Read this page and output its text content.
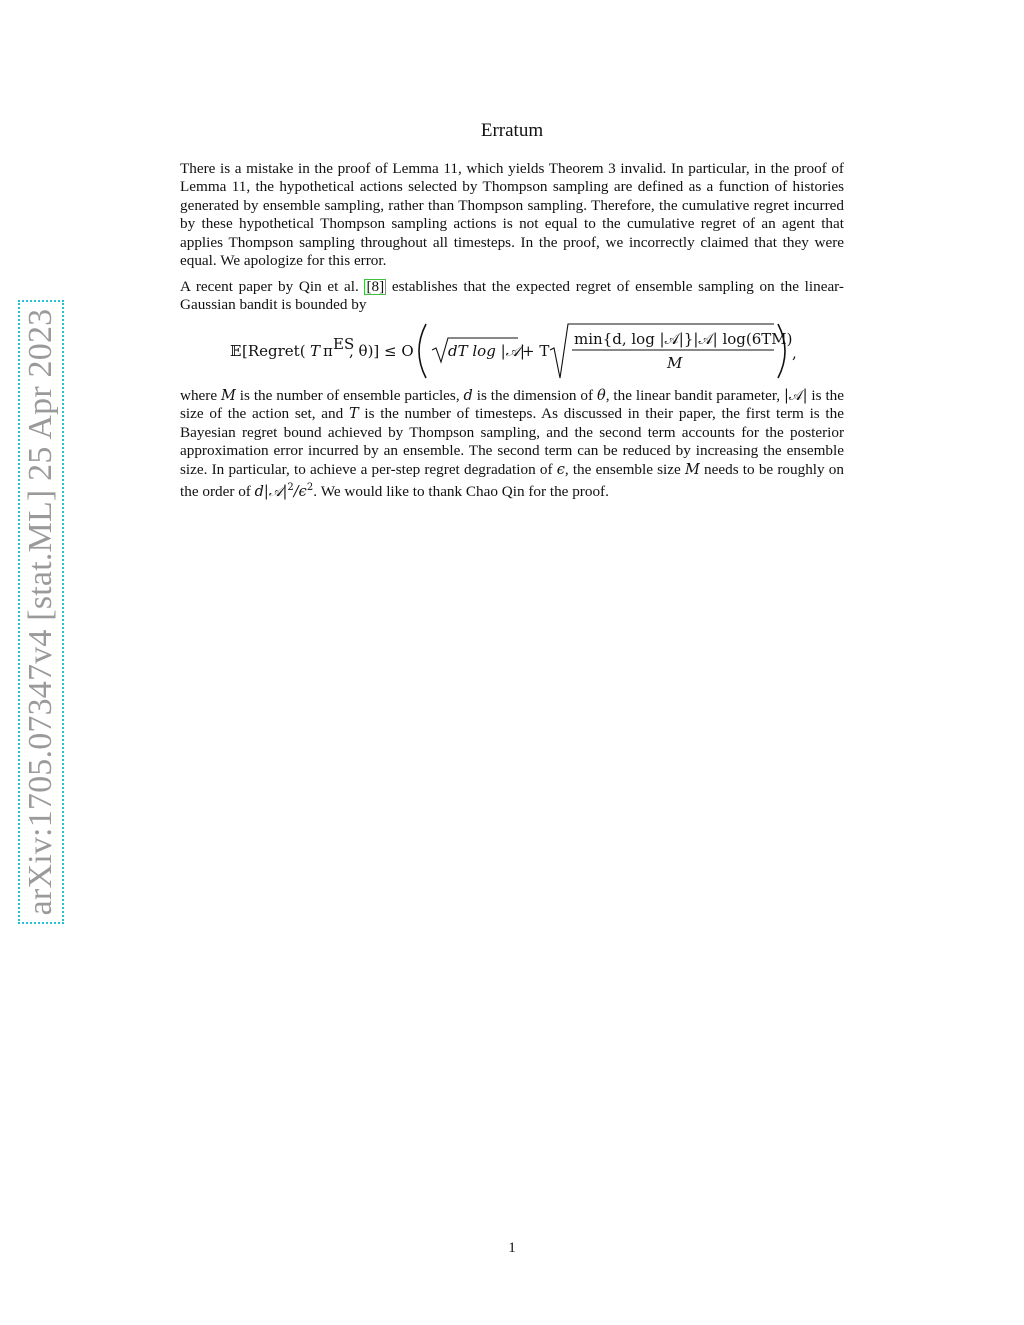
arXiv:1705.07347v4 [stat.ML] 25 Apr 2023
Erratum

There is a mistake in the proof of Lemma 11, which yields Theorem 3 invalid. In particular, in the proof of Lemma 11, the hypothetical actions selected by Thompson sampling are defined as a function of histories generated by ensemble sampling, rather than Thompson sampling. Therefore, the cumulative regret incurred by these hypothetical Thompson sampling actions is not equal to the cumulative regret of an agent that applies Thompson sampling throughout all timesteps. In the proof, we incorrectly claimed that they were equal. We apologize for this error.

A recent paper by Qin et al. [8] establishes that the expected regret of ensemble sampling on the linear-Gaussian bandit is bounded by

𝔼 [Regret( T π ES
, θ)] ≤ O dT log |𝒜|
+ T
min{d, log |𝒜|}|𝒜| log(6TM)
M
,

where M is the number of ensemble particles, d is the dimension of θ, the linear bandit parameter, |𝒜| is the size of the action set, and T is the number of timesteps. As discussed in their paper, the first term is the Bayesian regret bound achieved by Thompson sampling, and the second term accounts for the posterior approximation error incurred by an ensemble. The second term can be reduced by increasing the ensemble size. In particular, to achieve a per-step regret degradation of ϵ, the ensemble size M needs to be roughly on the order of $d|𝒜|^2/\epsilon^2$. We would like to thank Chao Qin for the proof.

1
